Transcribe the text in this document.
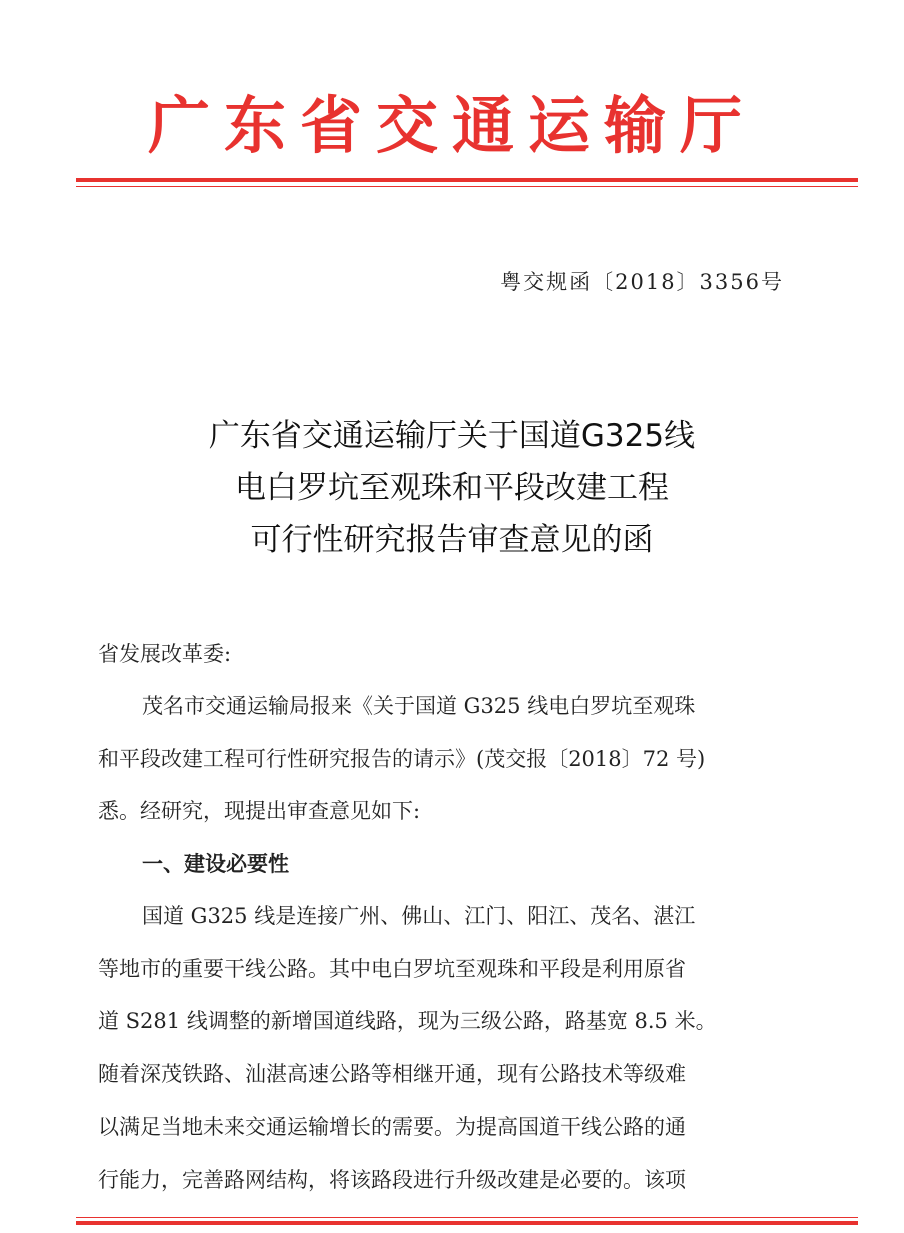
广东省交通运输厅
粤交规函〔2018〕3356号
广东省交通运输厅关于国道G325线
电白罗坑至观珠和平段改建工程
可行性研究报告审查意见的函
省发展改革委:
茂名市交通运输局报来《关于国道 G325 线电白罗坑至观珠
和平段改建工程可行性研究报告的请示》(茂交报〔2018〕72 号)
悉。经研究，现提出审查意见如下:
一、建设必要性
国道 G325 线是连接广州、佛山、江门、阳江、茂名、湛江
等地市的重要干线公路。其中电白罗坑至观珠和平段是利用原省
道 S281 线调整的新增国道线路，现为三级公路，路基宽 8.5 米。
随着深茂铁路、汕湛高速公路等相继开通，现有公路技术等级难
以满足当地未来交通运输增长的需要。为提高国道干线公路的通
行能力，完善路网结构，将该路段进行升级改建是必要的。该项
